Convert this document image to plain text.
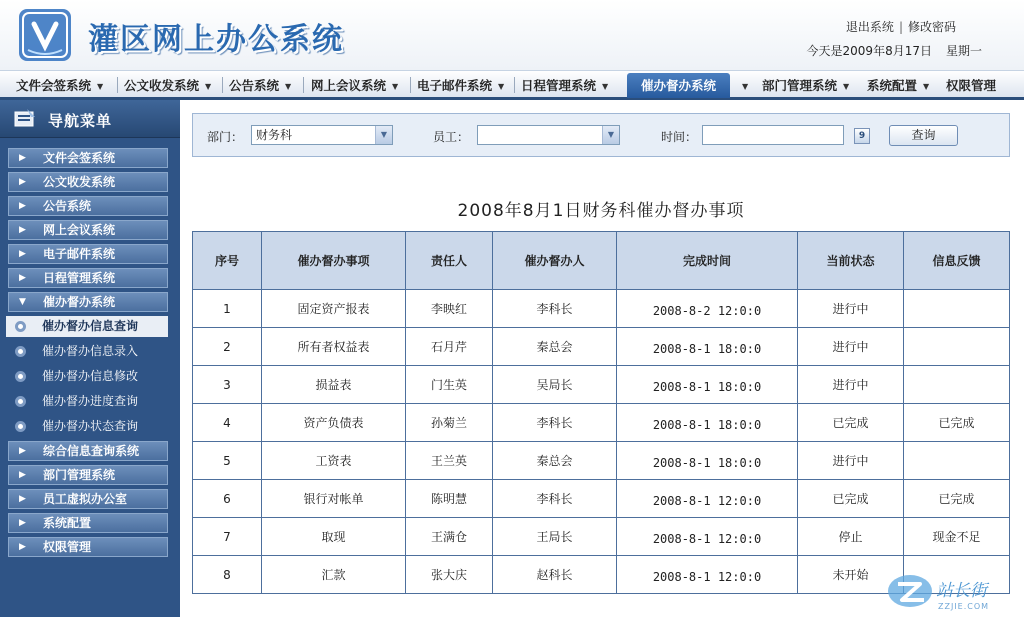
灌区网上办公系统	退出系统 | 修改密码
今天是2009年8月17日 星期一
文件会签系统 ▼ 公文收发系统 ▼ 公告系统 ▼ 网上会议系统 ▼ 电子邮件系统 ▼ 日程管理系统 ▼	催办督办系统	▼ 部门管理系统 ▼ 系统配置 ▼ 权限管理
导航菜单
▶ 文件会签系统
▶ 公文收发系统
▶ 公告系统
▶ 网上会议系统
▶ 电子邮件系统
▶ 日程管理系统
▼ 催办督办系统
催办督办信息查询
催办督办信息录入
催办督办信息修改
催办督办进度查询
催办督办状态查询
▶ 综合信息查询系统
▶ 部门管理系统
▶ 员工虚拟办公室
▶ 系统配置
▶ 权限管理
部门：	财务科	▼	员工：	▼	时间：	9	查询
2008年8月1日财务科催办督办事项
序号	催办督办事项	责任人	催办督办人	完成时间	当前状态	信息反馈
1	固定资产报表	李映红	李科长	2008-8-2 12:0:0	进行中	
2	所有者权益表	石月芹	秦总会	2008-8-1 18:0:0	进行中	
3	损益表	门生英	吴局长	2008-8-1 18:0:0	进行中	
4	资产负债表	孙菊兰	李科长	2008-8-1 18:0:0	已完成	已完成
5	工资表	王兰英	秦总会	2008-8-1 18:0:0	进行中	
6	银行对帐单	陈明慧	李科长	2008-8-1 12:0:0	已完成	已完成
7	取现	王满仓	王局长	2008-8-1 12:0:0	停止	现金不足
8	汇款	张大庆	赵科长	2008-8-1 12:0:0	未开始	
站长街
ZZJIE.COM
